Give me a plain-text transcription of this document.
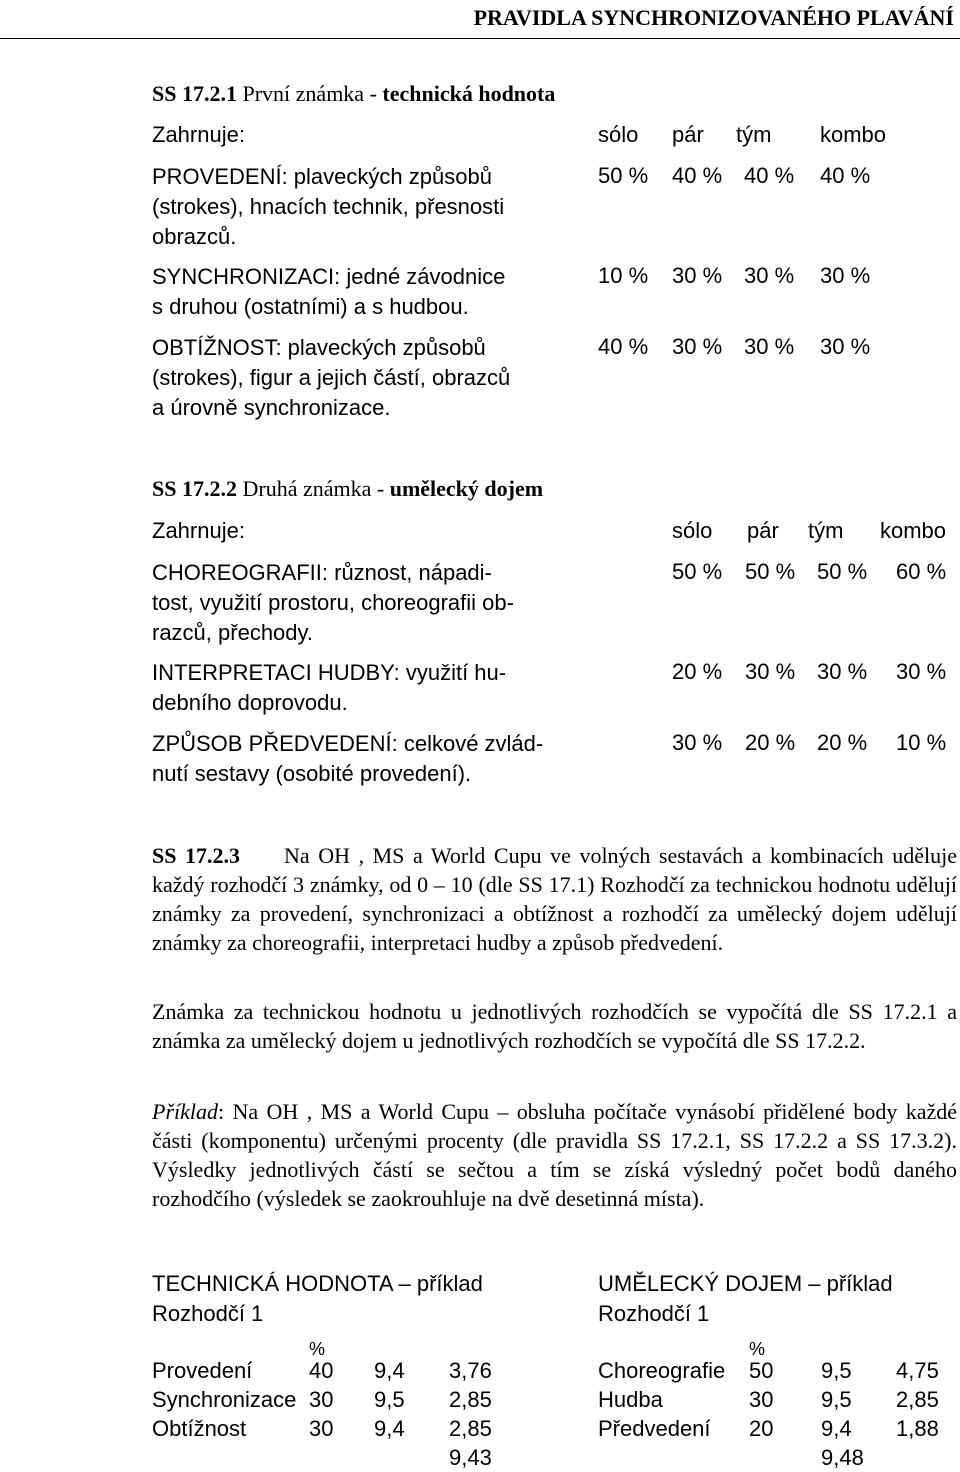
PRAVIDLA SYNCHRONIZOVANÉHO PLAVÁNÍ
SS 17.2.1 První známka - technická hodnota
Zahrnuje:	sólo pár tým kombo
PROVEDENÍ: plaveckých způsobů
(strokes), hnacích technik, přesnosti
obrazců.
50 % 40 % 40 % 40 %
SYNCHRONIZACI: jedné závodnice
s druhou (ostatními) a s hudbou.
10 % 30 % 30 % 30 %
OBTÍŽNOST: plaveckých způsobů
(strokes), figur a jejich částí, obrazců
a úrovně synchronizace.
40 % 30 % 30 % 30 %
SS 17.2.2 Druhá známka - umělecký dojem
Zahrnuje:	sólo pár tým kombo
CHOREOGRAFII: různost, nápadi-
tost, využití prostoru, choreografii ob-
razců, přechody.
50 % 50 % 50 % 60 %
INTERPRETACI HUDBY: využití hu-
debního doprovodu.
20 % 30 % 30 % 30 %
ZPŮSOB PŘEDVEDENÍ: celkové zvlád-
nutí sestavy (osobité provedení).
30 % 20 % 20 % 10 %

SS 17.2.3 Na OH , MS a World Cupu ve volných sestavách a kombinacích uděluje každý rozhodčí 3 známky, od 0 – 10 (dle SS 17.1) Rozhodčí za technickou hodnotu udělují známky za provedení, synchronizaci a obtížnost a rozhodčí za umělecký dojem udělují známky za choreografii, interpretaci hudby a způsob předvedení.

Známka za technickou hodnotu u jednotlivých rozhodčích se vypočítá dle SS 17.2.1 a známka za umělecký dojem u jednotlivých rozhodčích se vypočítá dle SS 17.2.2.

Příklad: Na OH , MS a World Cupu – obsluha počítače vynásobí přidělené body každé části (komponentu) určenými procenty (dle pravidla SS 17.2.1, SS 17.2.2 a SS 17.3.2). Výsledky jednotlivých částí se sečtou a tím se získá výsledný počet bodů daného rozhodčího (výsledek se zaokrouhluje na dvě desetinná místa).

TECHNICKÁ HODNOTA – příklad
Rozhodčí 1
%
Provedení	40 9,4 3,76
Synchronizace 30 9,5 2,85
Obtížnost	30 9,4 2,85
9,43
UMĚLECKÝ DOJEM – příklad
Rozhodčí 1
%
Choreografie 50 9,5 4,75
Hudba	30 9,5 2,85
Předvedení 20 9,4 1,88
9,48
